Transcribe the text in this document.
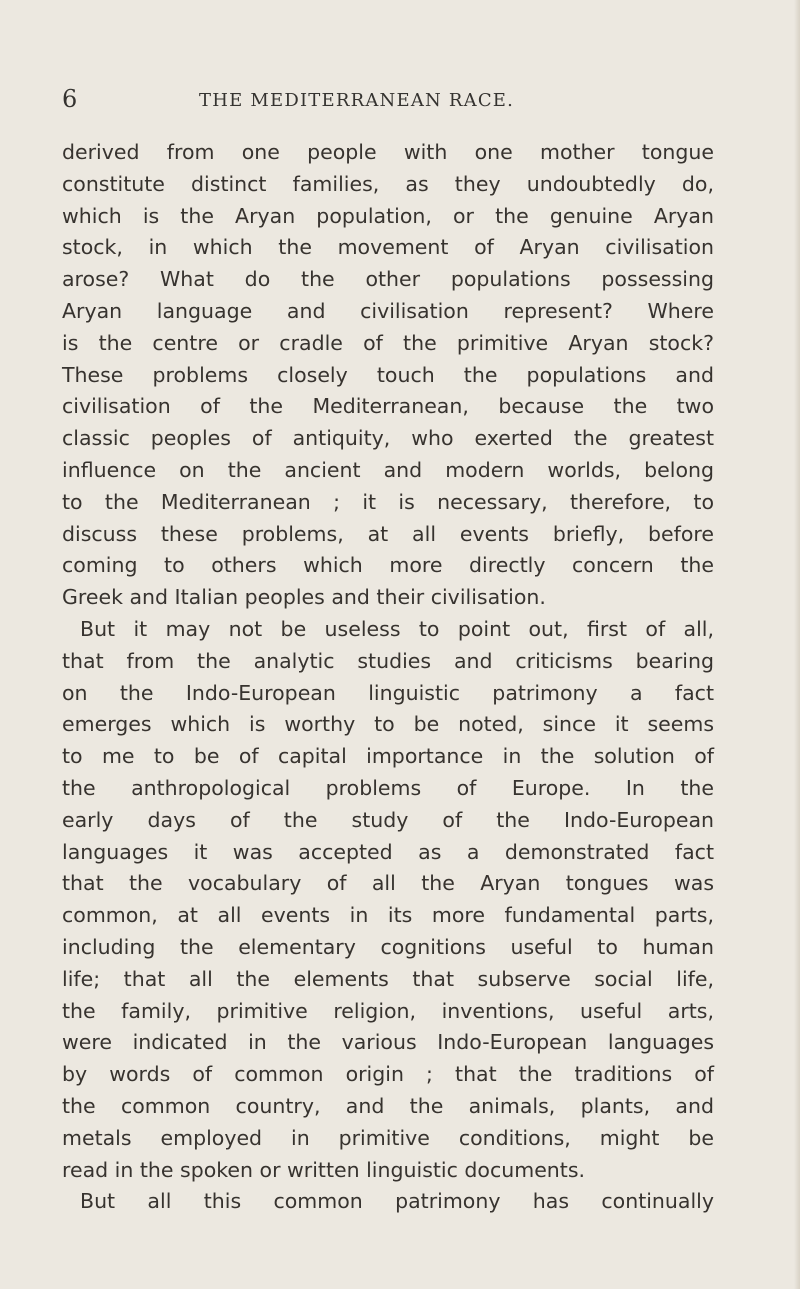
6	THE MEDITERRANEAN RACE.
derived from one people with one mother tongue
constitute distinct families, as they undoubtedly do,
which is the Aryan population, or the genuine Aryan
stock, in which the movement of Aryan civilisation
arose? What do the other populations possessing
Aryan language and civilisation represent? Where
is the centre or cradle of the primitive Aryan stock?
These problems closely touch the populations and
civilisation of the Mediterranean, because the two
classic peoples of antiquity, who exerted the greatest
influence on the ancient and modern worlds, belong
to the Mediterranean ; it is necessary, therefore, to
discuss these problems, at all events briefly, before
coming to others which more directly concern the
Greek and Italian peoples and their civilisation.
But it may not be useless to point out, first of all,
that from the analytic studies and criticisms bearing
on the Indo-European linguistic patrimony a fact
emerges which is worthy to be noted, since it seems
to me to be of capital importance in the solution of
the anthropological problems of Europe. In the
early days of the study of the Indo-European
languages it was accepted as a demonstrated fact
that the vocabulary of all the Aryan tongues was
common, at all events in its more fundamental parts,
including the elementary cognitions useful to human
life; that all the elements that subserve social life,
the family, primitive religion, inventions, useful arts,
were indicated in the various Indo-European languages
by words of common origin ; that the traditions of
the common country, and the animals, plants, and
metals employed in primitive conditions, might be
read in the spoken or written linguistic documents.
But all this common patrimony has continually
